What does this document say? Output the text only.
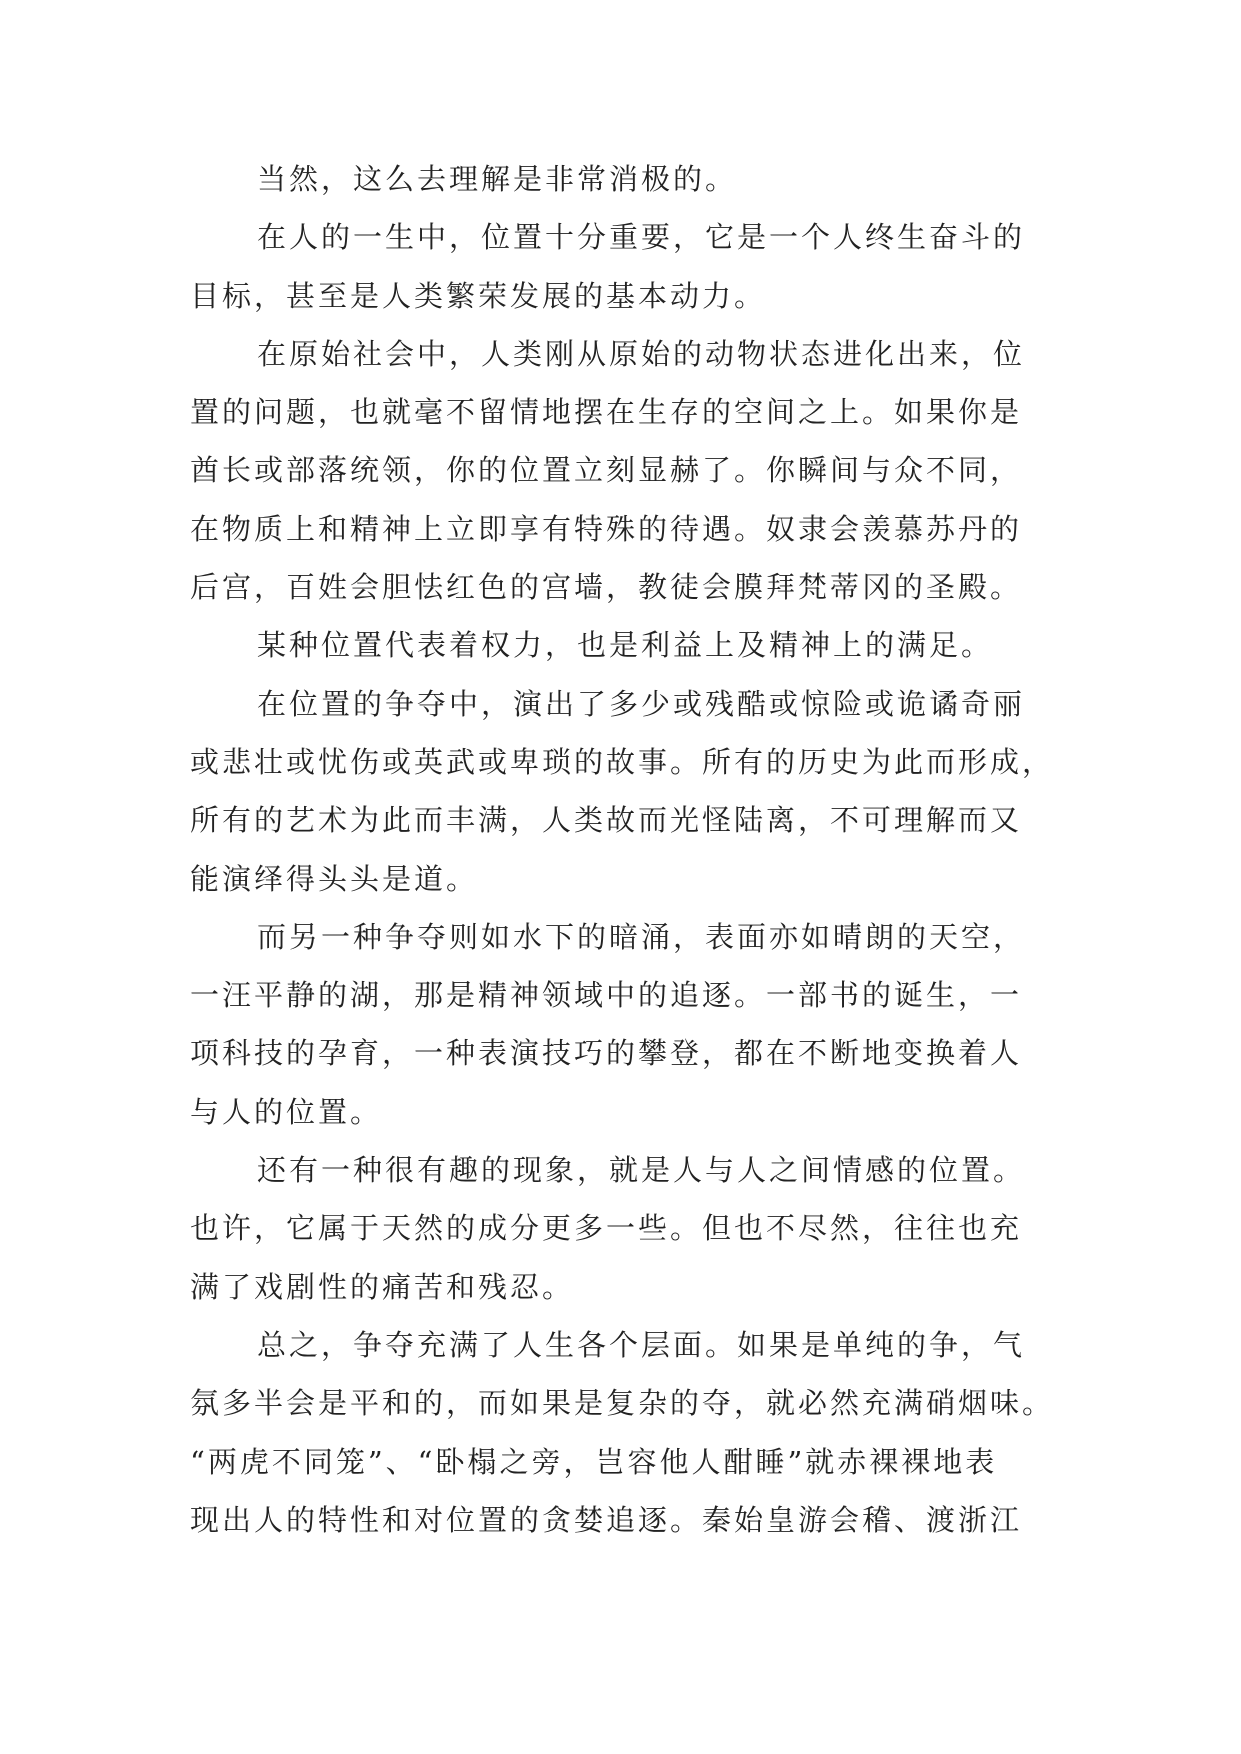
当然，这么去理解是非常消极的。
在人的一生中，位置十分重要，它是一个人终生奋斗的
目标，甚至是人类繁荣发展的基本动力。
在原始社会中，人类刚从原始的动物状态进化出来，位
置的问题，也就毫不留情地摆在生存的空间之上。如果你是
酋长或部落统领，你的位置立刻显赫了。你瞬间与众不同，
在物质上和精神上立即享有特殊的待遇。奴隶会羡慕苏丹的
后宫，百姓会胆怯红色的宫墙，教徒会膜拜梵蒂冈的圣殿。
某种位置代表着权力，也是利益上及精神上的满足。
在位置的争夺中，演出了多少或残酷或惊险或诡谲奇丽
或悲壮或忧伤或英武或卑琐的故事。所有的历史为此而形成，
所有的艺术为此而丰满，人类故而光怪陆离，不可理解而又
能演绎得头头是道。
而另一种争夺则如水下的暗涌，表面亦如晴朗的天空，
一汪平静的湖，那是精神领域中的追逐。一部书的诞生，一
项科技的孕育，一种表演技巧的攀登，都在不断地变换着人
与人的位置。
还有一种很有趣的现象，就是人与人之间情感的位置。
也许，它属于天然的成分更多一些。但也不尽然，往往也充
满了戏剧性的痛苦和残忍。
总之，争夺充满了人生各个层面。如果是单纯的争，气
氛多半会是平和的，而如果是复杂的夺，就必然充满硝烟味。
“两虎不同笼”、“卧榻之旁，岂容他人酣睡”就赤裸裸地表
现出人的特性和对位置的贪婪追逐。秦始皇游会稽、渡浙江
